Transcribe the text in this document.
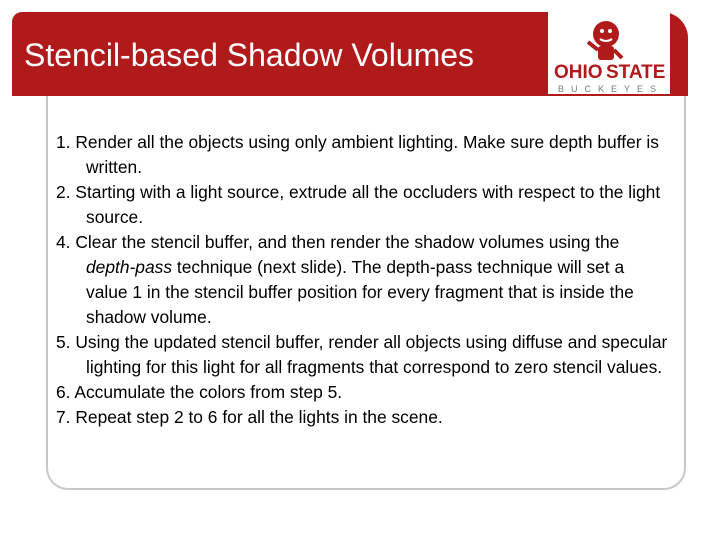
Stencil-based Shadow Volumes	OHIO STATE
BUCKEYES
1. Render all the objects using only ambient lighting. Make sure depth buffer is written.
2. Starting with a light source, extrude all the occluders with respect to the light source.
4. Clear the stencil buffer, and then render the shadow volumes using the depth-pass technique (next slide). The depth-pass technique will set a value 1 in the stencil buffer position for every fragment that is inside the shadow volume.
5. Using the updated stencil buffer, render all objects using diffuse and specular lighting for this light for all fragments that correspond to zero stencil values.
6. Accumulate the colors from step 5.
7. Repeat step 2 to 6 for all the lights in the scene.
